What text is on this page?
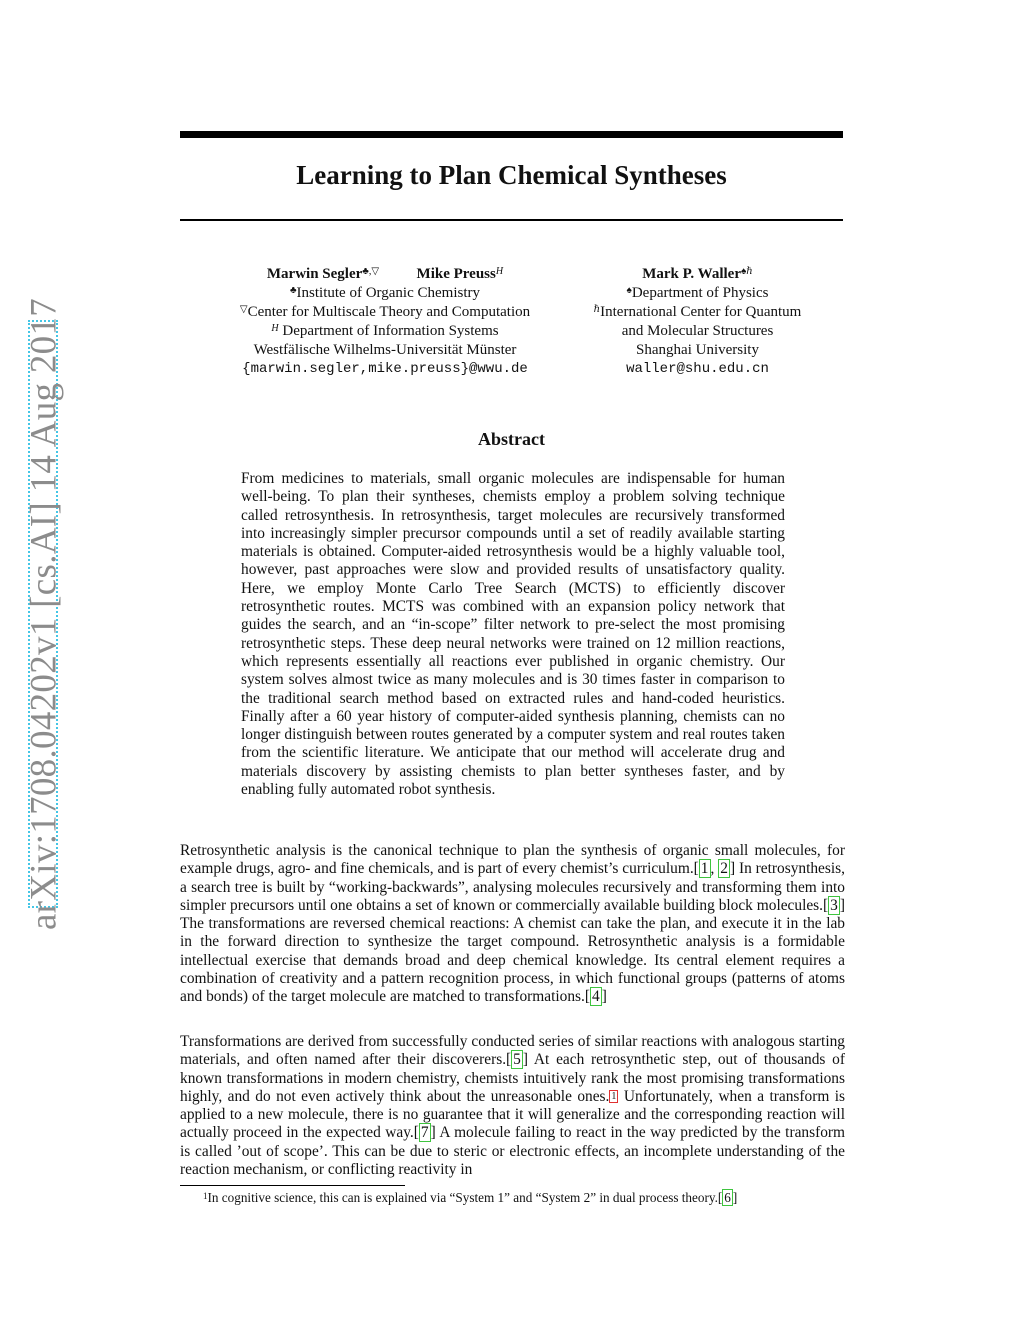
arXiv:1708.04202v1 [cs.AI] 14 Aug 2017
Learning to Plan Chemical Syntheses
Marwin Segler♣,▽	Mike Preuss$^H$
♣Institute of Organic Chemistry
▽Center for Multiscale Theory and Computation
$^H$ Department of Information Systems
Westfälische Wilhelms-Universität Münster
{marwin.segler,mike.preuss}@wwu.de
Mark P. Waller$^{♠\hbar}$
♠Department of Physics
$^\hbar$International Center for Quantum
and Molecular Structures
Shanghai University
waller@shu.edu.cn
Abstract

From medicines to materials, small organic molecules are indispensable for human well-being. To plan their syntheses, chemists employ a problem solving technique called retrosynthesis. In retrosynthesis, target molecules are recursively transformed into increasingly simpler precursor compounds until a set of readily available starting materials is obtained. Computer-aided retrosynthesis would be a highly valuable tool, however, past approaches were slow and provided results of unsatisfactory quality. Here, we employ Monte Carlo Tree Search (MCTS) to efficiently discover retrosynthetic routes. MCTS was combined with an expansion policy network that guides the search, and an “in-scope” filter network to pre-select the most promising retrosynthetic steps. These deep neural networks were trained on 12 million reactions, which represents essentially all reactions ever published in organic chemistry. Our system solves almost twice as many molecules and is 30 times faster in comparison to the traditional search method based on extracted rules and hand-coded heuristics. Finally after a 60 year history of computer-aided synthesis planning, chemists can no longer distinguish between routes generated by a computer system and real routes taken from the scientific literature. We anticipate that our method will accelerate drug and materials discovery by assisting chemists to plan better syntheses faster, and by enabling fully automated robot synthesis.

Retrosynthetic analysis is the canonical technique to plan the synthesis of organic small molecules, for example drugs, agro- and fine chemicals, and is part of every chemist’s curriculum.[ 1 , 2 ] In retrosynthesis, a search tree is built by “working-backwards”, analysing molecules recursively and transforming them into simpler precursors until one obtains a set of known or commercially available building block molecules.[ 3 ] The transformations are reversed chemical reactions: A chemist can take the plan, and execute it in the lab in the forward direction to synthesize the target compound. Retrosynthetic analysis is a formidable intellectual exercise that demands broad and deep chemical knowledge. Its central element requires a combination of creativity and a pattern recognition process, in which functional groups (patterns of atoms and bonds) of the target molecule are matched to transformations.[ 4 ]

Transformations are derived from successfully conducted series of similar reactions with analogous starting materials, and often named after their discoverers.[ 5 ] At each retrosynthetic step, out of thousands of known transformations in modern chemistry, chemists intuitively rank the most promising transformations highly, and do not even actively think about the unreasonable ones. $^1$ Unfortunately, when a transform is applied to a new molecule, there is no guarantee that it will generalize and the corresponding reaction will actually proceed in the expected way.[ 7 ] A molecule failing to react in the way predicted by the transform is called ’out of scope’. This can be due to steric or electronic effects, an incomplete understanding of the reaction mechanism, or conflicting reactivity in

$^1$In cognitive science, this can is explained via “System 1” and “System 2” in dual process theory.[ 6 ]
